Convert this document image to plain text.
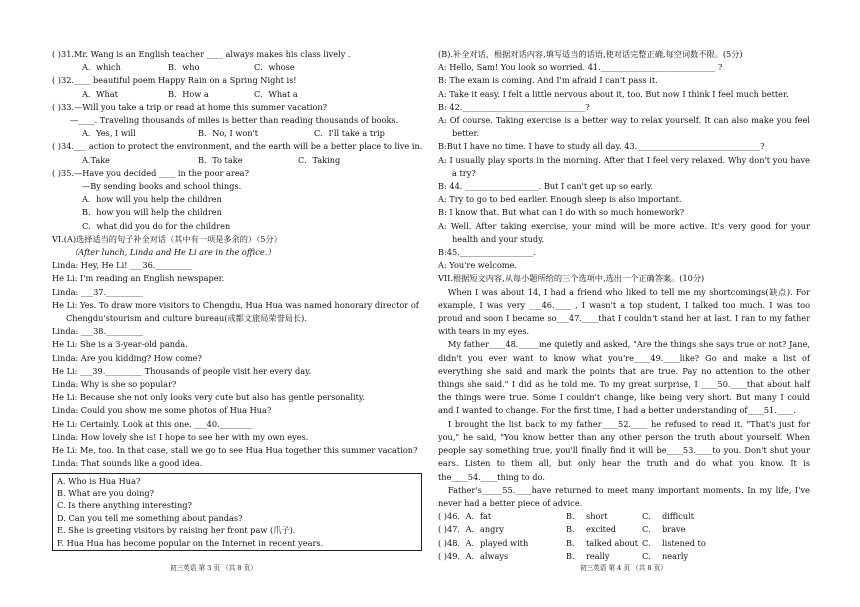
( )31.Mr. Wang is an English teacher ____ always makes his class lively .
A．which	B．who	C．whose
( )32.____ beautiful poem Happy Rain on a Spring Night is!
A．What	B．How a	C．What a
( )33.—Will you take a trip or read at home this summer vacation?
—____. Traveling thousands of miles is better than reading thousands of books.
A．Yes, I will	B．No, I won't	C．I'll take a trip
( )34.___ action to protect the environment, and the earth will be a better place to live in.
A.Take	B．To take	C．Taking
( )35.—Have you decided ____ in the poor area?
—By sending books and school things.
A．how will you help the children
B．how you will help the children
C．what did you do for the children
VI.(A)选择适当的句子补全对话（其中有一项是多余的）（5分）
（After lunch, Linda and He Li are in the office.）
Linda: Hey, He Li! ___36._________
He Li: I'm reading an English newspaper.
Linda: ___37._________
He Li: Yes. To draw more visitors to Chengdu, Hua Hua was named honorary director of Chengdu'stourism and culture bureau(成都文旅局荣誉局长).
Linda: ___38._________
He Li: She is a 3-year-old panda.
Linda: Are you kidding? How come?
He Li: ___39._________ Thousands of people visit her every day.
Linda: Why is she so popular?
He Li: Because she not only looks very cute but also has gentle personality.
Linda: Could you show me some photos of Hua Hua?
He Li: Certainly. Look at this one. ___40.________
Linda: How lovely she is! I hope to see her with my own eyes.
He Li: Me, too. In that case, stall we go to see Hua Hua together this summer vacation?
Linda: That sounds like a good idea.
A. Who is Hua Hua?
B. What are you doing?
C. Is there anything interesting?
D. Can you tell me something about pandas?
E. She is greeting visitors by raising her front paw (爪子).
F. Hua Hua has become popular on the Internet in recent years.
初三英语 第 3 页 （共 8 页）
(B).补全对话，根据对话内容,填写适当的话语,使对话完整正确,每空词数不限。(5分)
A: Hello, Sam! You look so worried. 41.____________________________ ?
B: The exam is coming. And I'm afraid I can't pass it.
A: Take it easy. I felt a little nervous about it, too. But now I think I feel much better.
B: 42.______________________________?
A: Of course. Taking exercise is a better way to relax yourself. It can also make you feel better.
B:But I have no time. I have to study all day. 43.______________________________?
A: I usually play sports in the morning. After that I feel very relaxed. Why don't you have a try?
B: 44. __________________. But I can't get up so early.
A: Try to go to bed earlier. Enough sleep is also important.
B: I know that. But what can I do with so much homework?
A: Well. After taking exercise, your mind will be more active. It's very good for your health and your study.
B:45.__________________.
A: You're welcome.
VII.根据短文内容,从每小题所给的三个选项中,选出一个正确答案。(10分)
When I was about 14, I had a friend who liked to tell me my shortcomings(缺点). For example, I was very ___46.____ , I wasn't a top student, I talked too much. I was too proud and soon I became so___47.____that I couldn't stand her at last. I ran to my father with tears in my eyes.
My father____48._____me quietly and asked, "Are the things she says true or not? Jane, didn't you ever want to know what you're____49.____like? Go and make a list of everything she said and mark the points that are true. Pay no attention to the other things she said." I did as he told me. To my great surprise, I ____50.____that about half the things were true. Some I couldn't change, like being very short. But many I could and I wanted to change. For the first time, I had a better understanding of____51.____.
I brought the list back to my father____52.____ he refused to read it. "That's just for you," he said, "You know better than any other person the truth about yourself. When people say something true, you'll finally find it will be____53.____to you. Don't shut your ears. Listen to them all, but only hear the truth and do what you know. It is the____54.____thing to do.
Father's_____55.____have returned to meet many important moments. In my life, I've never had a better piece of advice.
( )46．A． fat	B． short	C． difficult
( )47．A． angry	B． excited	C． brave
( )48．A． played with	B． talked about C． listened to
( )49．A． always	B． really	C． nearly
初三英语 第 4 页 （共 8 页）
